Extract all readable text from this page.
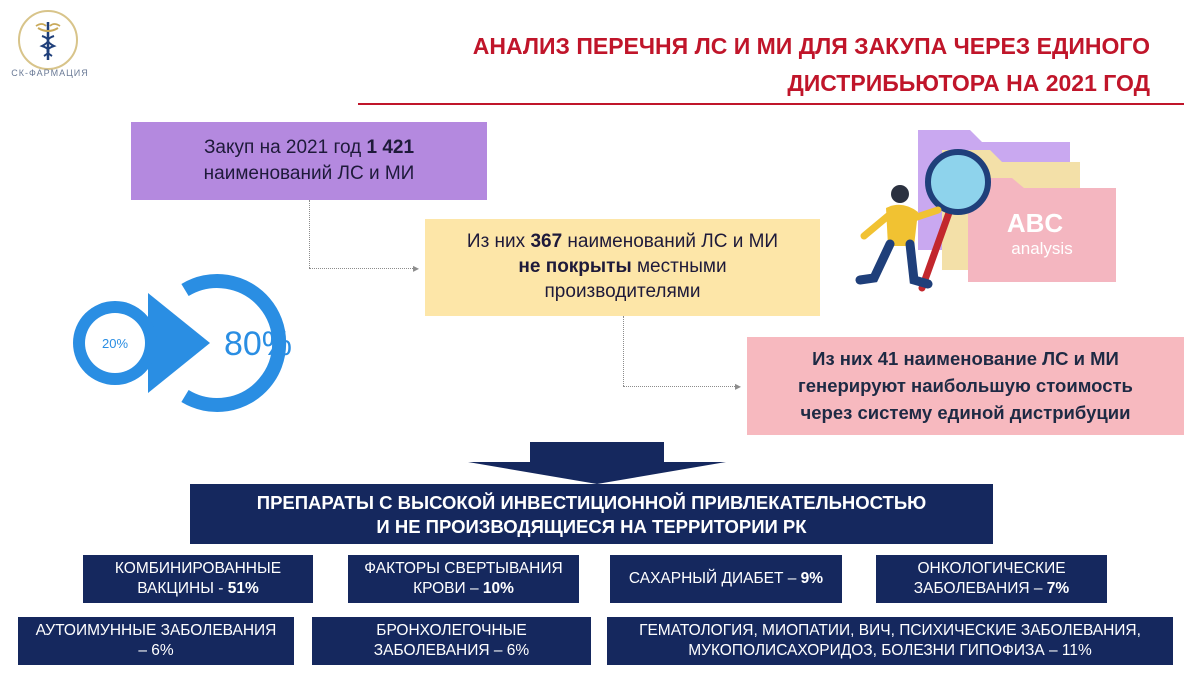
СК-ФАРМАЦИЯ
АНАЛИЗ ПЕРЕЧНЯ ЛС И МИ ДЛЯ ЗАКУПА ЧЕРЕЗ ЕДИНОГО
ДИСТРИБЬЮТОРА НА 2021 ГОД
Закуп на 2021 год 1 421
наименований ЛС и МИ
▸
Из них 367 наименований ЛС и МИ
не покрыты местными
производителями
▸
Из них 41 наименование ЛС и МИ
генерируют наибольшую стоимость
через систему единой дистрибуции
20%	80%
ABC
analysis
ПРЕПАРАТЫ С ВЫСОКОЙ ИНВЕСТИЦИОННОЙ ПРИВЛЕКАТЕЛЬНОСТЬЮ
И НЕ ПРОИЗВОДЯЩИЕСЯ НА ТЕРРИТОРИИ РК
КОМБИНИРОВАННЫЕ
ВАКЦИНЫ - 51%
ФАКТОРЫ СВЕРТЫВАНИЯ
КРОВИ – 10%
САХАРНЫЙ ДИАБЕТ – 9%
ОНКОЛОГИЧЕСКИЕ
ЗАБОЛЕВАНИЯ – 7%
АУТОИМУННЫЕ ЗАБОЛЕВАНИЯ
– 6%
БРОНХОЛЕГОЧНЫЕ
ЗАБОЛЕВАНИЯ – 6%
ГЕМАТОЛОГИЯ, МИОПАТИИ, ВИЧ, ПСИХИЧЕСКИЕ ЗАБОЛЕВАНИЯ,
МУКОПОЛИСАХОРИДОЗ, БОЛЕЗНИ ГИПОФИЗА – 11%
